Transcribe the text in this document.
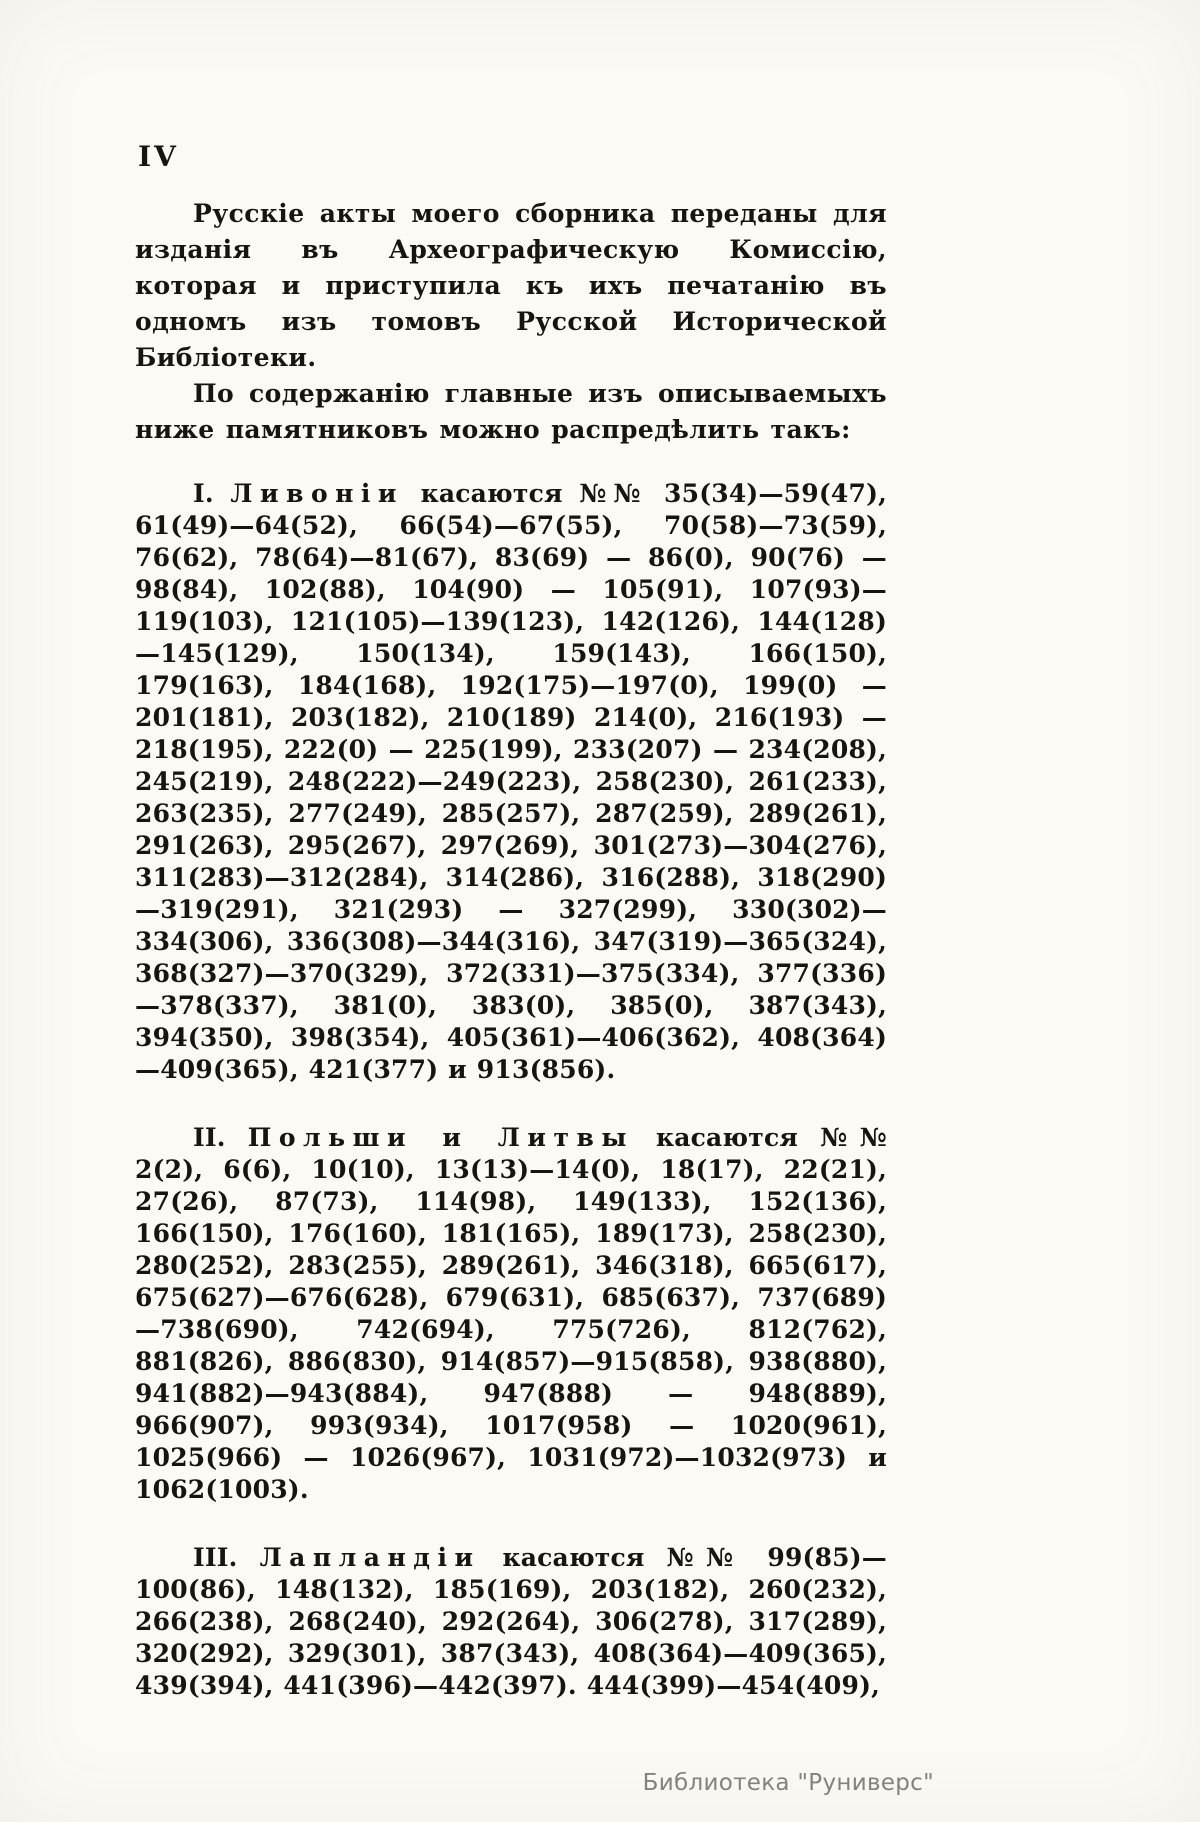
IV

Русскіе акты моего сборника переданы для изданія въ Археографическую Комиссію, которая и приступила къ ихъ печатанію въ одномъ изъ томовъ Русской Исторической Библіотеки.

По содержанію главные изъ описываемыхъ ниже памятниковъ можно распредѣлить такъ:

I. Ливоніи касаются №№ 35(34)—59(47), 61(49)—64(52), 66(54)—67(55), 70(58)—73(59), 76(62), 78(64)—81(67), 83(69) — 86(0), 90(76) — 98(84), 102(88), 104(90) — 105(91), 107(93)—119(103), 121(105)—139(123), 142(126), 144(128)—145(129), 150(134), 159(143), 166(150), 179(163), 184(168), 192(175)—197(0), 199(0) — 201(181), 203(182), 210(189) 214(0), 216(193) — 218(195), 222(0) — 225(199), 233(207) — 234(208), 245(219), 248(222)—249(223), 258(230), 261(233), 263(235), 277(249), 285(257), 287(259), 289(261), 291(263), 295(267), 297(269), 301(273)—304(276), 311(283)—312(284), 314(286), 316(288), 318(290)—319(291), 321(293) — 327(299), 330(302)—334(306), 336(308)—344(316), 347(319)—365(324), 368(327)—370(329), 372(331)—375(334), 377(336)—378(337), 381(0), 383(0), 385(0), 387(343), 394(350), 398(354), 405(361)—406(362), 408(364)—409(365), 421(377) и 913(856).

II. Польши и Литвы касаются №№ 2(2), 6(6), 10(10), 13(13)—14(0), 18(17), 22(21), 27(26), 87(73), 114(98), 149(133), 152(136), 166(150), 176(160), 181(165), 189(173), 258(230), 280(252), 283(255), 289(261), 346(318), 665(617), 675(627)—676(628), 679(631), 685(637), 737(689)—738(690), 742(694), 775(726), 812(762), 881(826), 886(830), 914(857)—915(858), 938(880), 941(882)—943(884), 947(888) — 948(889), 966(907), 993(934), 1017(958) — 1020(961), 1025(966) — 1026(967), 1031(972)—1032(973) и 1062(1003).

III. Лапландіи касаются №№ 99(85)—100(86), 148(132), 185(169), 203(182), 260(232), 266(238), 268(240), 292(264), 306(278), 317(289), 320(292), 329(301), 387(343), 408(364)—409(365), 439(394), 441(396)—442(397). 444(399)—454(409),

Библиотека "Руниверс"
